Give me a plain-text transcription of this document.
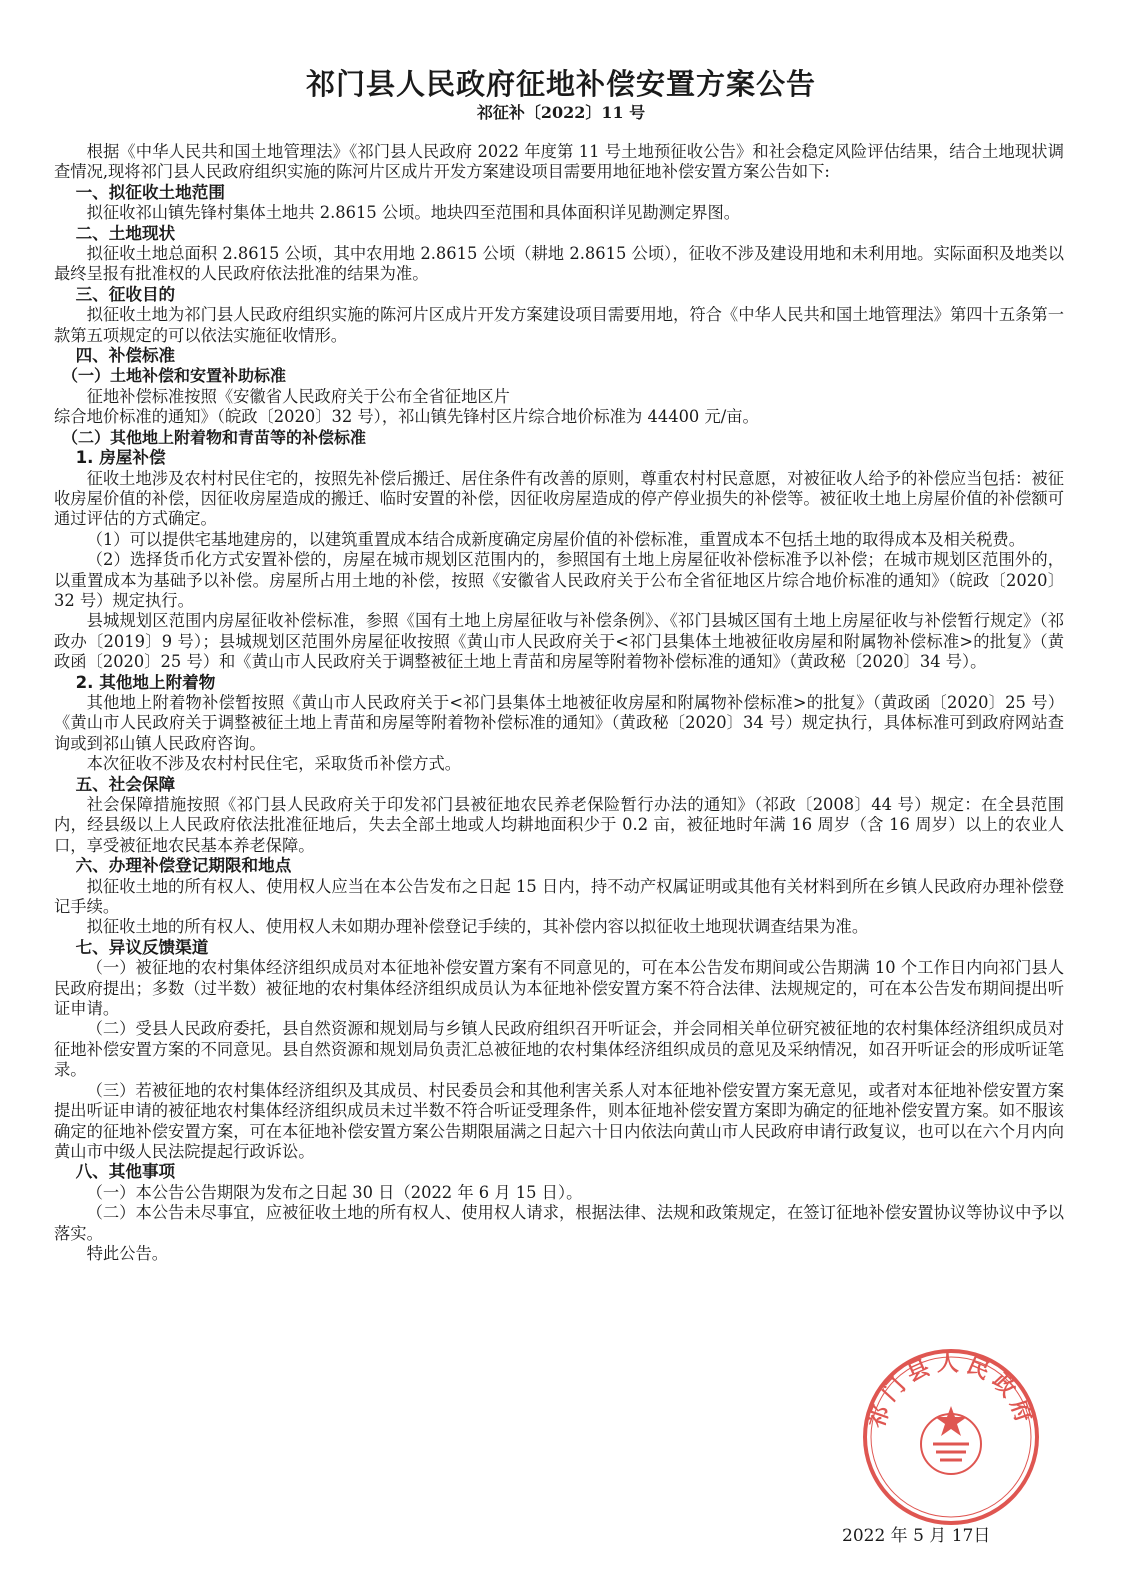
祁门县人民政府征地补偿安置方案公告
祁征补〔2022〕11 号

根据《中华人民共和国土地管理法》《祁门县人民政府 2022 年度第 11 号土地预征收公告》和社会稳定风险评估结果，结合土地现状调查情况,现将祁门县人民政府组织实施的陈河片区成片开发方案建设项目需要用地征地补偿安置方案公告如下:

一、拟征收土地范围

拟征收祁山镇先锋村集体土地共 2.8615 公顷。地块四至范围和具体面积详见勘测定界图。

二、土地现状

拟征收土地总面积 2.8615 公顷，其中农用地 2.8615 公顷（耕地 2.8615 公顷），征收不涉及建设用地和未利用地。实际面积及地类以最终呈报有批准权的人民政府依法批准的结果为准。

三、征收目的

拟征收土地为祁门县人民政府组织实施的陈河片区成片开发方案建设项目需要用地，符合《中华人民共和国土地管理法》第四十五条第一款第五项规定的可以依法实施征收情形。

四、补偿标准

（一）土地补偿和安置补助标准

征地补偿标准按照《安徽省人民政府关于公布全省征地区片

综合地价标准的通知》（皖政〔2020〕32 号），祁山镇先锋村区片综合地价标准为 44400 元/亩。

（二）其他地上附着物和青苗等的补偿标准

1. 房屋补偿

征收土地涉及农村村民住宅的，按照先补偿后搬迁、居住条件有改善的原则，尊重农村村民意愿，对被征收人给予的补偿应当包括：被征收房屋价值的补偿，因征收房屋造成的搬迁、临时安置的补偿，因征收房屋造成的停产停业损失的补偿等。被征收土地上房屋价值的补偿额可通过评估的方式确定。

（1）可以提供宅基地建房的，以建筑重置成本结合成新度确定房屋价值的补偿标准，重置成本不包括土地的取得成本及相关税费。

（2）选择货币化方式安置补偿的，房屋在城市规划区范围内的，参照国有土地上房屋征收补偿标准予以补偿；在城市规划区范围外的，以重置成本为基础予以补偿。房屋所占用土地的补偿，按照《安徽省人民政府关于公布全省征地区片综合地价标准的通知》（皖政〔2020〕32 号）规定执行。

县城规划区范围内房屋征收补偿标准，参照《国有土地上房屋征收与补偿条例》、《祁门县城区国有土地上房屋征收与补偿暂行规定》（祁政办〔2019〕9 号）；县城规划区范围外房屋征收按照《黄山市人民政府关于<祁门县集体土地被征收房屋和附属物补偿标准>的批复》（黄政函〔2020〕25 号）和《黄山市人民政府关于调整被征土地上青苗和房屋等附着物补偿标准的通知》（黄政秘〔2020〕34 号）。

2. 其他地上附着物

其他地上附着物补偿暂按照《黄山市人民政府关于<祁门县集体土地被征收房屋和附属物补偿标准>的批复》（黄政函〔2020〕25 号）《黄山市人民政府关于调整被征土地上青苗和房屋等附着物补偿标准的通知》（黄政秘〔2020〕34 号）规定执行，具体标准可到政府网站查询或到祁山镇人民政府咨询。

本次征收不涉及农村村民住宅，采取货币补偿方式。

五、社会保障

社会保障措施按照《祁门县人民政府关于印发祁门县被征地农民养老保险暂行办法的通知》（祁政〔2008〕44 号）规定：在全县范围内，经县级以上人民政府依法批准征地后，失去全部土地或人均耕地面积少于 0.2 亩，被征地时年满 16 周岁（含 16 周岁）以上的农业人口，享受被征地农民基本养老保障。

六、办理补偿登记期限和地点

拟征收土地的所有权人、使用权人应当在本公告发布之日起 15 日内，持不动产权属证明或其他有关材料到所在乡镇人民政府办理补偿登记手续。

拟征收土地的所有权人、使用权人未如期办理补偿登记手续的，其补偿内容以拟征收土地现状调查结果为准。

七、异议反馈渠道

（一）被征地的农村集体经济组织成员对本征地补偿安置方案有不同意见的，可在本公告发布期间或公告期满 10 个工作日内向祁门县人民政府提出；多数（过半数）被征地的农村集体经济组织成员认为本征地补偿安置方案不符合法律、法规规定的，可在本公告发布期间提出听证申请。

（二）受县人民政府委托，县自然资源和规划局与乡镇人民政府组织召开听证会，并会同相关单位研究被征地的农村集体经济组织成员对征地补偿安置方案的不同意见。县自然资源和规划局负责汇总被征地的农村集体经济组织成员的意见及采纳情况，如召开听证会的形成听证笔录。

（三）若被征地的农村集体经济组织及其成员、村民委员会和其他利害关系人对本征地补偿安置方案无意见，或者对本征地补偿安置方案提出听证申请的被征地农村集体经济组织成员未过半数不符合听证受理条件，则本征地补偿安置方案即为确定的征地补偿安置方案。如不服该确定的征地补偿安置方案，可在本征地补偿安置方案公告期限届满之日起六十日内依法向黄山市人民政府申请行政复议，也可以在六个月内向黄山市中级人民法院提起行政诉讼。

八、其他事项

（一）本公告公告期限为发布之日起 30 日（2022 年 6 月 15 日）。

（二）本公告未尽事宜，应被征收土地的所有权人、使用权人请求，根据法律、法规和政策规定，在签订征地补偿安置协议等协议中予以落实。

特此公告。

祁门县人民政府
2022 年 5 月 17日
